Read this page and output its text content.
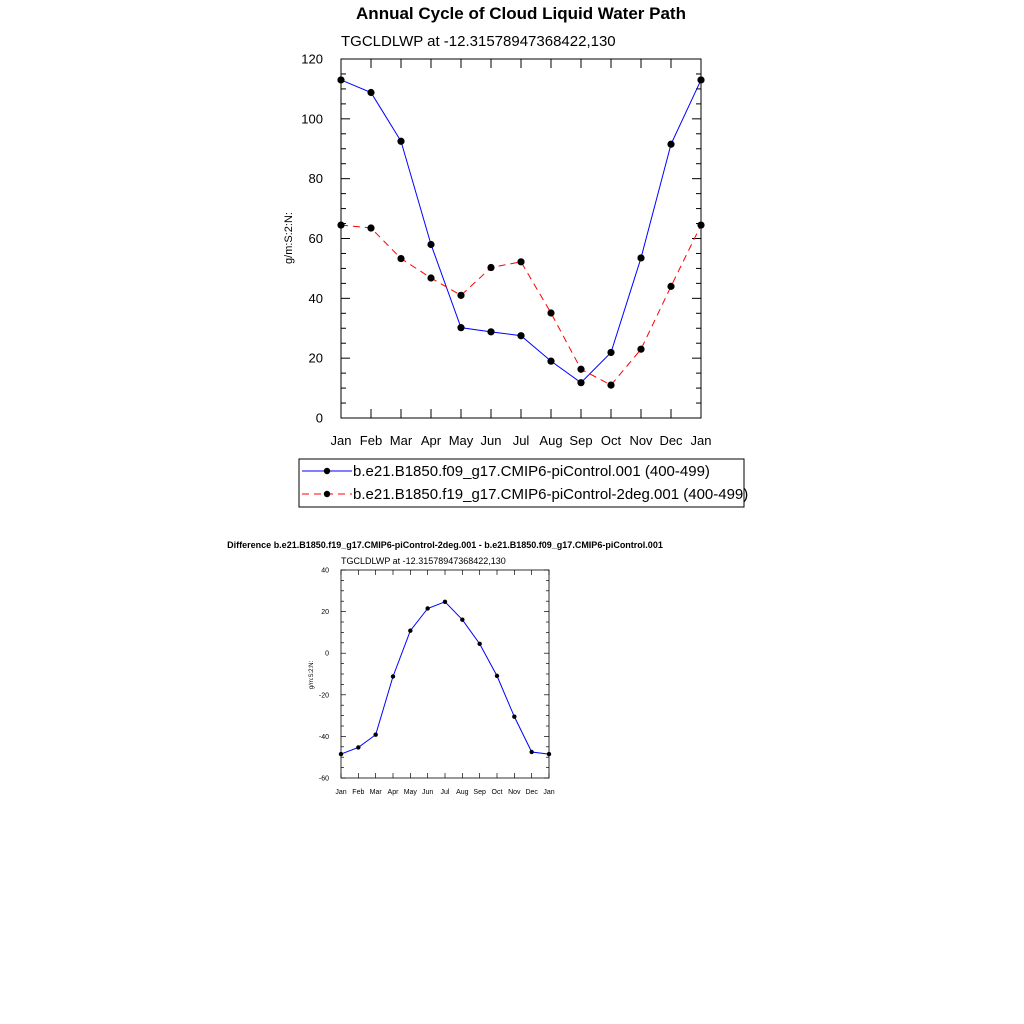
Annual Cycle of Cloud Liquid Water Path
TGCLDLWP at -12.31578947368422,130
g/m:S:2:N:
Jan Feb Mar Apr May Jun Jul Aug Sep Oct Nov Dec Jan
0
20
40
60
80
100
120
b.e21.B1850.f09_g17.CMIP6-piControl.001 (400-499)
b.e21.B1850.f19_g17.CMIP6-piControl-2deg.001 (400-499)
Difference b.e21.B1850.f19_g17.CMIP6-piControl-2deg.001 - b.e21.B1850.f09_g17.CMIP6-piControl.001
TGCLDLWP at -12.31578947368422,130
g/m:S:2:N:
Jan Feb Mar Apr May Jun Jul Aug Sep Oct Nov Dec Jan
-60
-40
-20
0
20
40
